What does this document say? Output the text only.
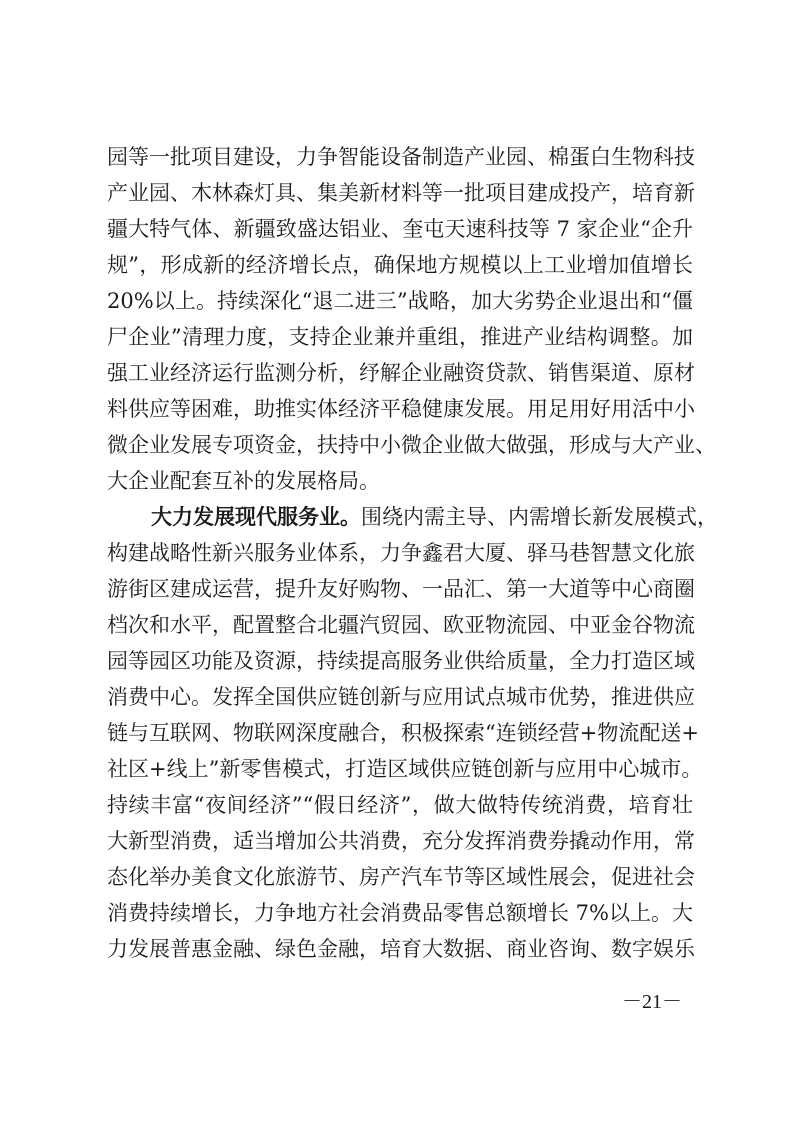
园等一批项目建设，力争智能设备制造产业园、棉蛋白生物科技
产业园、木林森灯具、集美新材料等一批项目建成投产，培育新
疆大特气体、新疆致盛达铝业、奎屯天速科技等 7 家企业“企升
规”，形成新的经济增长点，确保地方规模以上工业增加值增长
20%以上。持续深化“退二进三”战略，加大劣势企业退出和“僵
尸企业”清理力度，支持企业兼并重组，推进产业结构调整。加
强工业经济运行监测分析，纾解企业融资贷款、销售渠道、原材
料供应等困难，助推实体经济平稳健康发展。用足用好用活中小
微企业发展专项资金，扶持中小微企业做大做强，形成与大产业、
大企业配套互补的发展格局。
大力发展现代服务业。围绕内需主导、内需增长新发展模式，
构建战略性新兴服务业体系，力争鑫君大厦、驿马巷智慧文化旅
游街区建成运营，提升友好购物、一品汇、第一大道等中心商圈
档次和水平，配置整合北疆汽贸园、欧亚物流园、中亚金谷物流
园等园区功能及资源，持续提高服务业供给质量，全力打造区域
消费中心。发挥全国供应链创新与应用试点城市优势，推进供应
链与互联网、物联网深度融合，积极探索“连锁经营+物流配送+
社区+线上”新零售模式，打造区域供应链创新与应用中心城市。
持续丰富“夜间经济”“假日经济”，做大做特传统消费，培育壮
大新型消费，适当增加公共消费，充分发挥消费券撬动作用，常
态化举办美食文化旅游节、房产汽车节等区域性展会，促进社会
消费持续增长，力争地方社会消费品零售总额增长 7%以上。大
力发展普惠金融、绿色金融，培育大数据、商业咨询、数字娱乐
－21－
